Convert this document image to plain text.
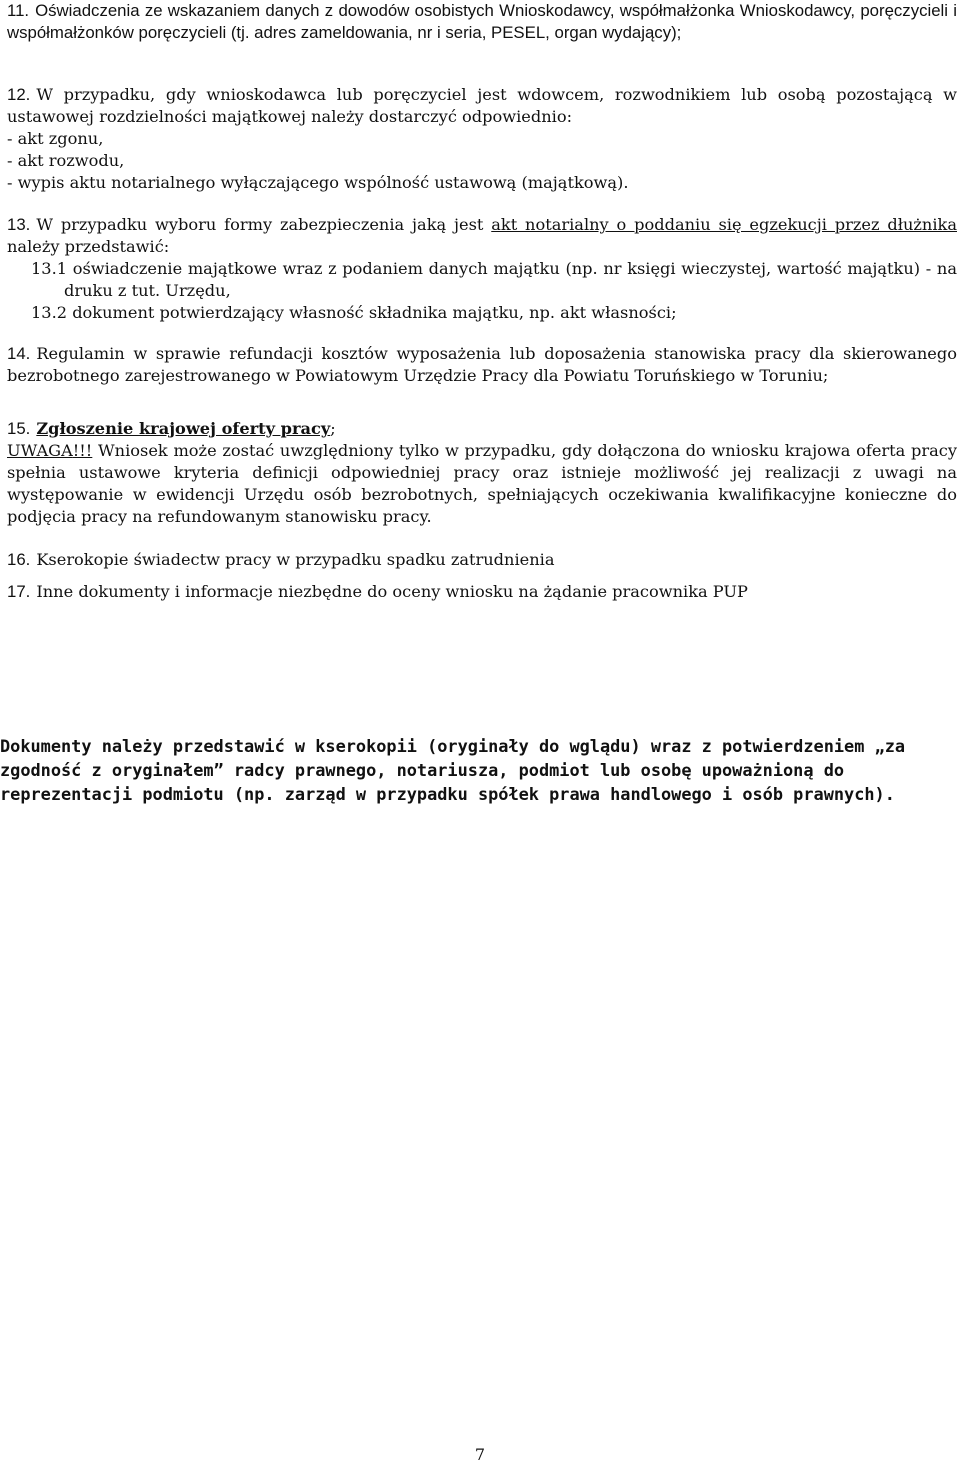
11. Oświadczenia ze wskazaniem danych z dowodów osobistych Wnioskodawcy, współmałżonka Wnioskodawcy, poręczycieli i współmałżonków poręczycieli (tj. adres zameldowania, nr i seria, PESEL, organ wydający);
12. W przypadku, gdy wnioskodawca lub poręczyciel jest wdowcem, rozwodnikiem lub osobą pozostającą w ustawowej rozdzielności majątkowej należy dostarczyć odpowiednio:
- akt zgonu,
- akt rozwodu,
- wypis aktu notarialnego wyłączającego wspólność ustawową (majątkową).
13. W przypadku wyboru formy zabezpieczenia jaką jest akt notarialny o poddaniu się egzekucji przez dłużnika należy przedstawić:
13.1 oświadczenie majątkowe wraz z podaniem danych majątku (np. nr księgi wieczystej, wartość majątku) - na druku z tut. Urzędu,
13.2 dokument potwierdzający własność składnika majątku, np. akt własności;
14. Regulamin w sprawie refundacji kosztów wyposażenia lub doposażenia stanowiska pracy dla skierowanego bezrobotnego zarejestrowanego w Powiatowym Urzędzie Pracy dla Powiatu Toruńskiego w Toruniu;
15. Zgłoszenie krajowej oferty pracy;
UWAGA!!! Wniosek może zostać uwzględniony tylko w przypadku, gdy dołączona do wniosku krajowa oferta pracy spełnia ustawowe kryteria definicji odpowiedniej pracy oraz istnieje możliwość jej realizacji z uwagi na występowanie w ewidencji Urzędu osób bezrobotnych, spełniających oczekiwania kwalifikacyjne konieczne do podjęcia pracy na refundowanym stanowisku pracy.
16. Kserokopie świadectw pracy w przypadku spadku zatrudnienia
17. Inne dokumenty i informacje niezbędne do oceny wniosku na żądanie pracownika PUP
Dokumenty należy przedstawić w kserokopii (oryginały do wglądu) wraz z potwierdzeniem „za zgodność z oryginałem” radcy prawnego, notariusza, podmiot lub osobę upoważnioną do reprezentacji podmiotu (np. zarząd w przypadku spółek prawa handlowego i osób prawnych).
7
